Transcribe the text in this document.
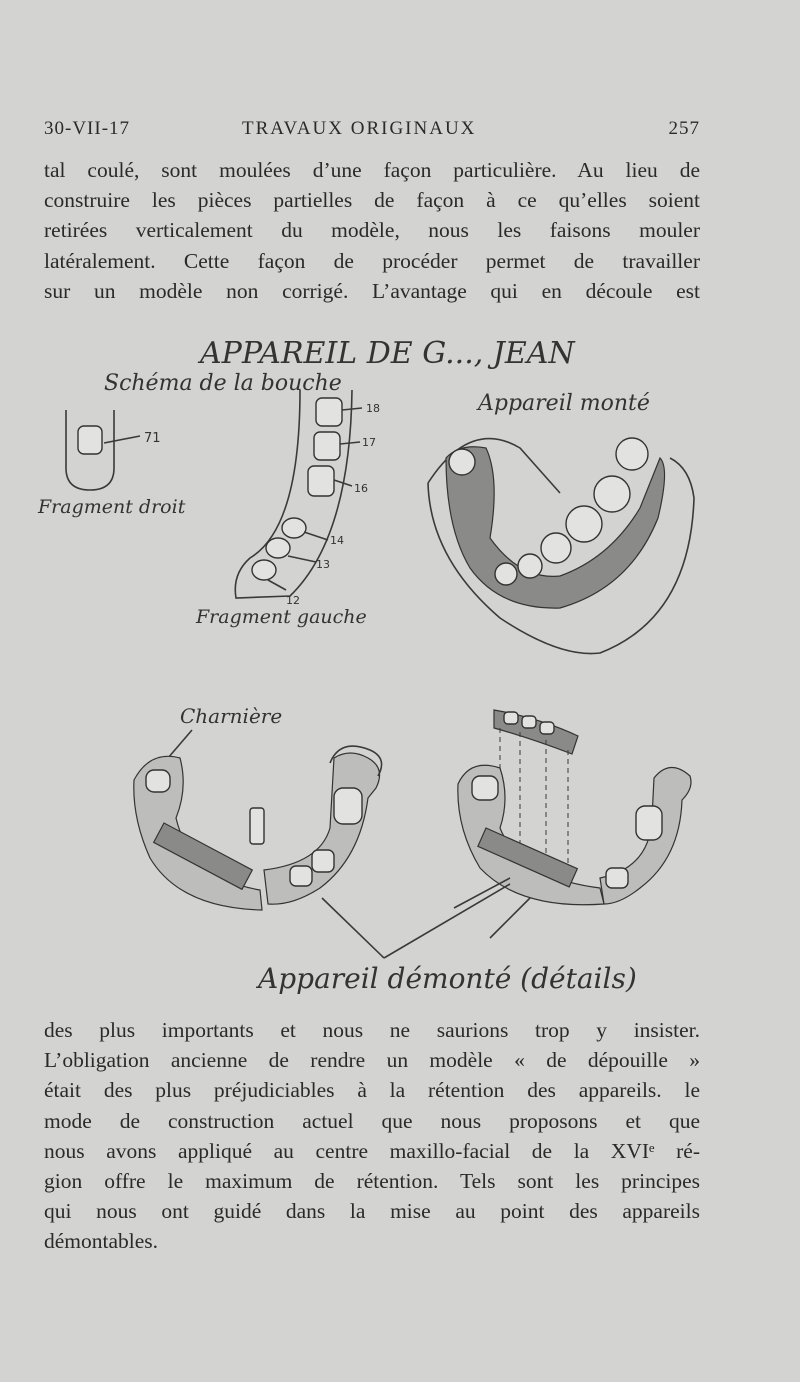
30-VII-17	TRAVAUX ORIGINAUX	257
tal coulé, sont moulées d’une façon particulière. Au lieu de
construire les pièces partielles de façon à ce qu’elles soient
retirées verticalement du modèle, nous les faisons mouler
latéralement. Cette façon de procéder permet de travailler
sur un modèle non corrigé. L’avantage qui en découle est
APPAREIL DE G..., JEAN
Schéma de la bouche
71
Fragment droit
18
17
16
14
13
12
Fragment gauche
Appareil monté
Charnière
Appareil démonté (détails)
des plus importants et nous ne saurions trop y insister.
L’obligation ancienne de rendre un modèle « de dépouille »
était des plus préjudiciables à la rétention des appareils. le
mode de construction actuel que nous proposons et que
nous avons appliqué au centre maxillo-facial de la XVIᵉ ré-
gion offre le maximum de rétention. Tels sont les principes
qui nous ont guidé dans la mise au point des appareils
démontables.
